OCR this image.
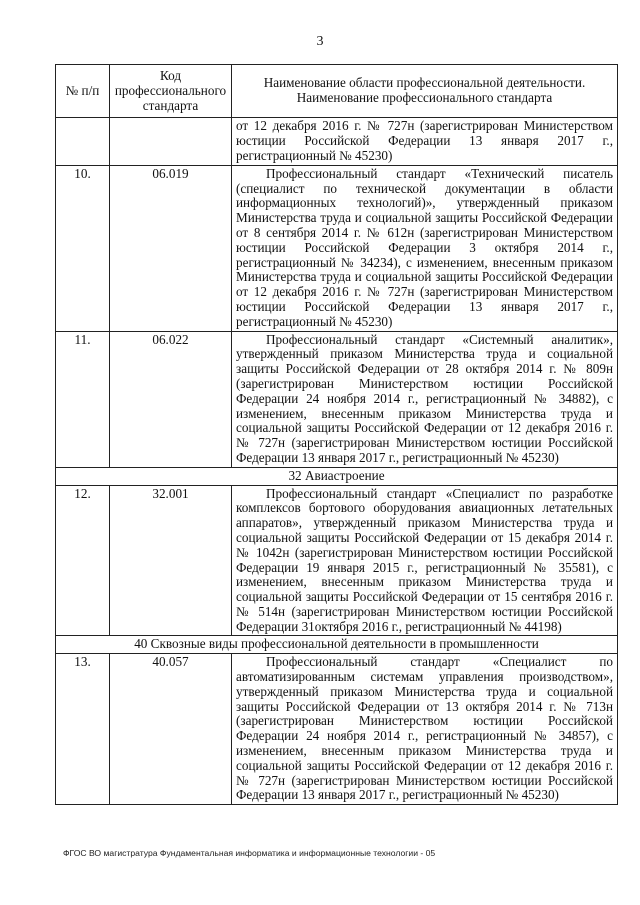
3
№ п/п	Код профессионального стандарта	Наименование области профессиональной деятельности.
Наименование профессионального стандарта

		от 12 декабря 2016 г. № 727н (зарегистрирован Министерством юстиции Российской Федерации 13 января 2017 г., регистрационный № 45230)
10.	06.019	Профессиональный стандарт «Технический писатель (специалист по технической документации в области информационных технологий)», утвержденный приказом Министерства труда и социальной защиты Российской Федерации от 8 сентября 2014 г. № 612н (зарегистрирован Министерством юстиции Российской Федерации 3 октября 2014 г., регистрационный № 34234), с изменением, внесенным приказом Министерства труда и социальной защиты Российской Федерации от 12 декабря 2016 г. № 727н (зарегистрирован Министерством юстиции Российской Федерации 13 января 2017 г., регистрационный № 45230)
11.	06.022	Профессиональный стандарт «Системный аналитик», утвержденный приказом Министерства труда и социальной защиты Российской Федерации от 28 октября 2014 г. № 809н (зарегистрирован Министерством юстиции Российской Федерации 24 ноября 2014 г., регистрационный № 34882), с изменением, внесенным приказом Министерства труда и социальной защиты Российской Федерации от 12 декабря 2016 г. № 727н (зарегистрирован Министерством юстиции Российской Федерации 13 января 2017 г., регистрационный № 45230)
32 Авиастроение		
12.	32.001	Профессиональный стандарт «Специалист по разработке комплексов бортового оборудования авиационных летательных аппаратов», утвержденный приказом Министерства труда и социальной защиты Российской Федерации от 15 декабря 2014 г. № 1042н (зарегистрирован Министерством юстиции Российской Федерации 19 января 2015 г., регистрационный № 35581), с изменением, внесенным приказом Министерства труда и социальной защиты Российской Федерации от 15 сентября 2016 г. № 514н (зарегистрирован Министерством юстиции Российской Федерации 31октября 2016 г., регистрационный № 44198)
40 Сквозные виды профессиональной деятельности в промышленности		
13.	40.057	Профессиональный стандарт «Специалист по автоматизированным системам управления производством», утвержденный приказом Министерства труда и социальной защиты Российской Федерации от 13 октября 2014 г. № 713н (зарегистрирован Министерством юстиции Российской Федерации 24 ноября 2014 г., регистрационный № 34857), с изменением, внесенным приказом Министерства труда и социальной защиты Российской Федерации от 12 декабря 2016 г. № 727н (зарегистрирован Министерством юстиции Российской Федерации 13 января 2017 г., регистрационный № 45230)
ФГОС ВО магистратура Фундаментальная информатика и информационные технологии - 05
